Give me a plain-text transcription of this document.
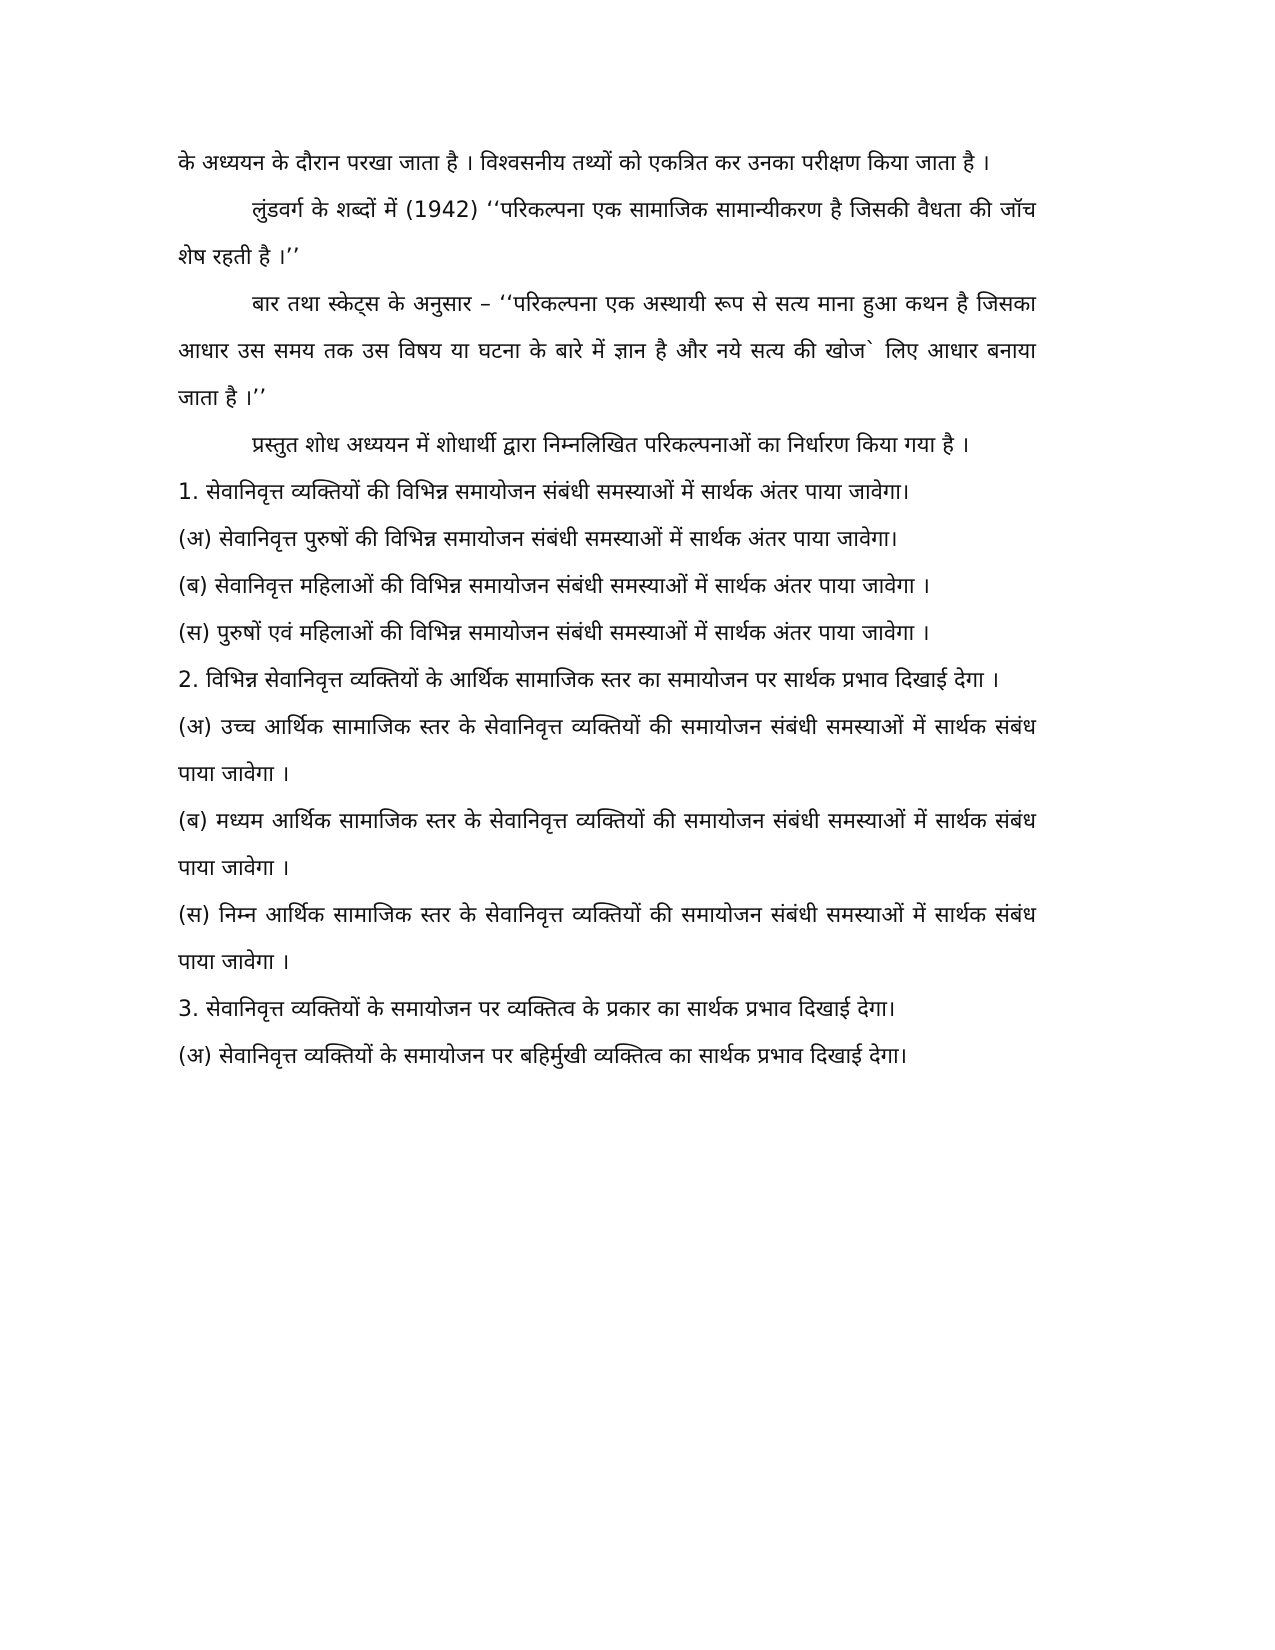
के अध्ययन के दौरान परखा जाता है । विश्वसनीय तथ्यों को एकत्रित कर उनका परीक्षण किया जाता है ।

लुंडवर्ग के शब्दों में (1942) ‘‘परिकल्पना एक सामाजिक सामान्यीकरण है जिसकी वैधता की जॉच शेष रहती है ।’’

बार तथा स्केट्स के अनुसार – ‘‘परिकल्पना एक अस्थायी रूप से सत्य माना हुआ कथन है जिसका आधार उस समय तक उस विषय या घटना के बारे में ज्ञान है और नये सत्य की खोज` लिए आधार बनाया जाता है ।’’

प्रस्तुत शोध अध्ययन में शोधार्थी द्वारा निम्नलिखित परिकल्पनाओं का निर्धारण किया गया है ।

1. सेवानिवृत्त व्यक्तियों की विभिन्न समायोजन संबंधी समस्याओं में सार्थक अंतर पाया जावेगा।

(अ) सेवानिवृत्त पुरुषों की विभिन्न समायोजन संबंधी समस्याओं में सार्थक अंतर पाया जावेगा।

(ब) सेवानिवृत्त महिलाओं की विभिन्न समायोजन संबंधी समस्याओं में सार्थक अंतर पाया जावेगा ।

(स) पुरुषों एवं महिलाओं की विभिन्न समायोजन संबंधी समस्याओं में सार्थक अंतर पाया जावेगा ।

2. विभिन्न सेवानिवृत्त व्यक्तियों के आर्थिक सामाजिक स्तर का समायोजन पर सार्थक प्रभाव दिखाई देगा ।

(अ) उच्च आर्थिक सामाजिक स्तर के सेवानिवृत्त व्यक्तियों की समायोजन संबंधी समस्याओं में सार्थक संबंध पाया जावेगा ।

(ब) मध्यम आर्थिक सामाजिक स्तर के सेवानिवृत्त व्यक्तियों की समायोजन संबंधी समस्याओं में सार्थक संबंध पाया जावेगा ।

(स) निम्न आर्थिक सामाजिक स्तर के सेवानिवृत्त व्यक्तियों की समायोजन संबंधी समस्याओं में सार्थक संबंध पाया जावेगा ।

3. सेवानिवृत्त व्यक्तियों के समायोजन पर व्यक्तित्व के प्रकार का सार्थक प्रभाव दिखाई देगा।

(अ) सेवानिवृत्त व्यक्तियों के समायोजन पर बहिर्मुखी व्यक्तित्व का सार्थक प्रभाव दिखाई देगा।
